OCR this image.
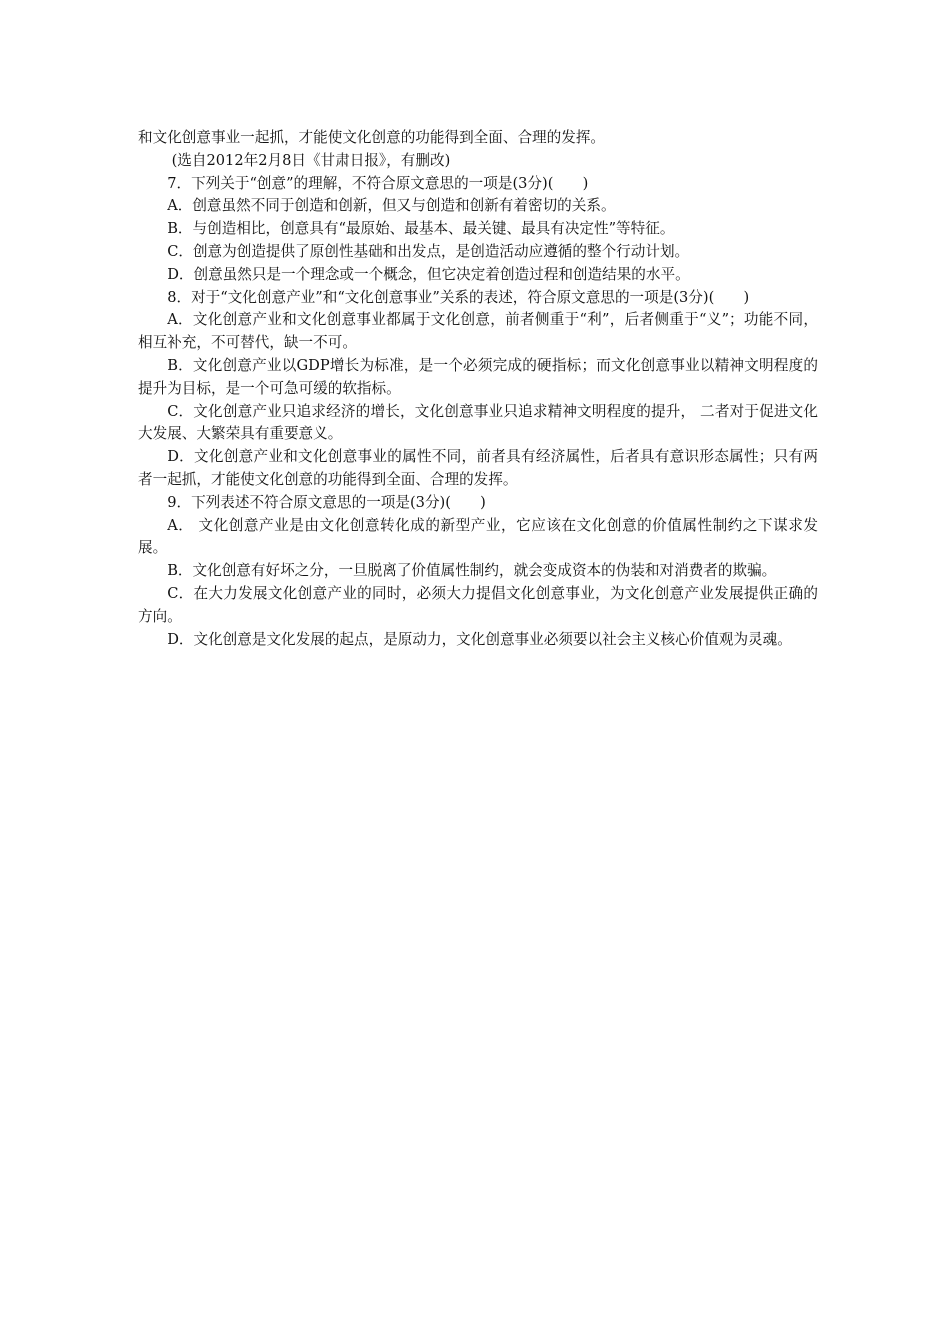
和文化创意事业一起抓，才能使文化创意的功能得到全面、合理的发挥。

(选自2012年2月8日《甘肃日报》，有删改)

7．下列关于“创意”的理解，不符合原文意思的一项是(3分)(　　)

A．创意虽然不同于创造和创新，但又与创造和创新有着密切的关系。

B．与创造相比，创意具有“最原始、最基本、最关键、最具有决定性”等特征。

C．创意为创造提供了原创性基础和出发点，是创造活动应遵循的整个行动计划。

D．创意虽然只是一个理念或一个概念，但它决定着创造过程和创造结果的水平。

8．对于“文化创意产业”和“文化创意事业”关系的表述，符合原文意思的一项是(3分)(　　)

A．文化创意产业和文化创意事业都属于文化创意，前者侧重于“利”，后者侧重于“义”；功能不同，相互补充，不可替代，缺一不可。

B．文化创意产业以GDP增长为标准，是一个必须完成的硬指标；而文化创意事业以精神文明程度的提升为目标，是一个可急可缓的软指标。

C．文化创意产业只追求经济的增长，文化创意事业只追求精神文明程度的提升， 二者对于促进文化大发展、大繁荣具有重要意义。

D．文化创意产业和文化创意事业的属性不同，前者具有经济属性，后者具有意识形态属性；只有两者一起抓，才能使文化创意的功能得到全面、合理的发挥。

9．下列表述不符合原文意思的一项是(3分)(　　)

A． 文化创意产业是由文化创意转化成的新型产业，它应该在文化创意的价值属性制约之下谋求发展。

B．文化创意有好坏之分，一旦脱离了价值属性制约，就会变成资本的伪装和对消费者的欺骗。

C．在大力发展文化创意产业的同时，必须大力提倡文化创意事业，为文化创意产业发展提供正确的方向。

D．文化创意是文化发展的起点，是原动力，文化创意事业必须要以社会主义核心价值观为灵魂。
